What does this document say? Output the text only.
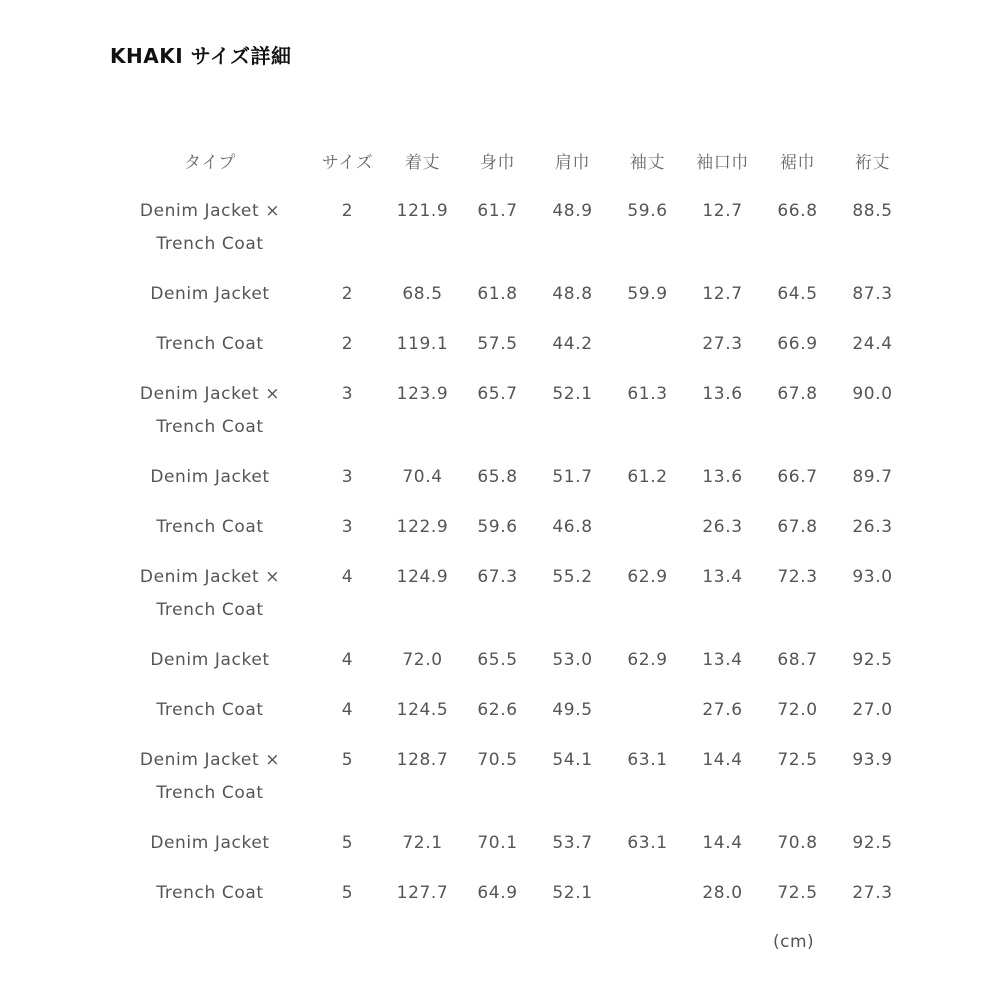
KHAKI サイズ詳細
タイプ	サイズ	着丈	身巾	肩巾	袖丈	袖口巾	裾巾	裄丈

Denim Jacket ×
Trench Coat	2	121.9	61.7	48.9	59.6	12.7	66.8	88.5

Denim Jacket	2	68.5	61.8	48.8	59.9	12.7	64.5	87.3

Trench Coat	2	119.1	57.5	44.2		27.3	66.9	24.4

Denim Jacket ×
Trench Coat	3	123.9	65.7	52.1	61.3	13.6	67.8	90.0

Denim Jacket	3	70.4	65.8	51.7	61.2	13.6	66.7	89.7

Trench Coat	3	122.9	59.6	46.8		26.3	67.8	26.3

Denim Jacket ×
Trench Coat	4	124.9	67.3	55.2	62.9	13.4	72.3	93.0

Denim Jacket	4	72.0	65.5	53.0	62.9	13.4	68.7	92.5

Trench Coat	4	124.5	62.6	49.5		27.6	72.0	27.0

Denim Jacket ×
Trench Coat	5	128.7	70.5	54.1	63.1	14.4	72.5	93.9

Denim Jacket	5	72.1	70.1	53.7	63.1	14.4	70.8	92.5

Trench Coat	5	127.7	64.9	52.1		28.0	72.5	27.3
(cm)
